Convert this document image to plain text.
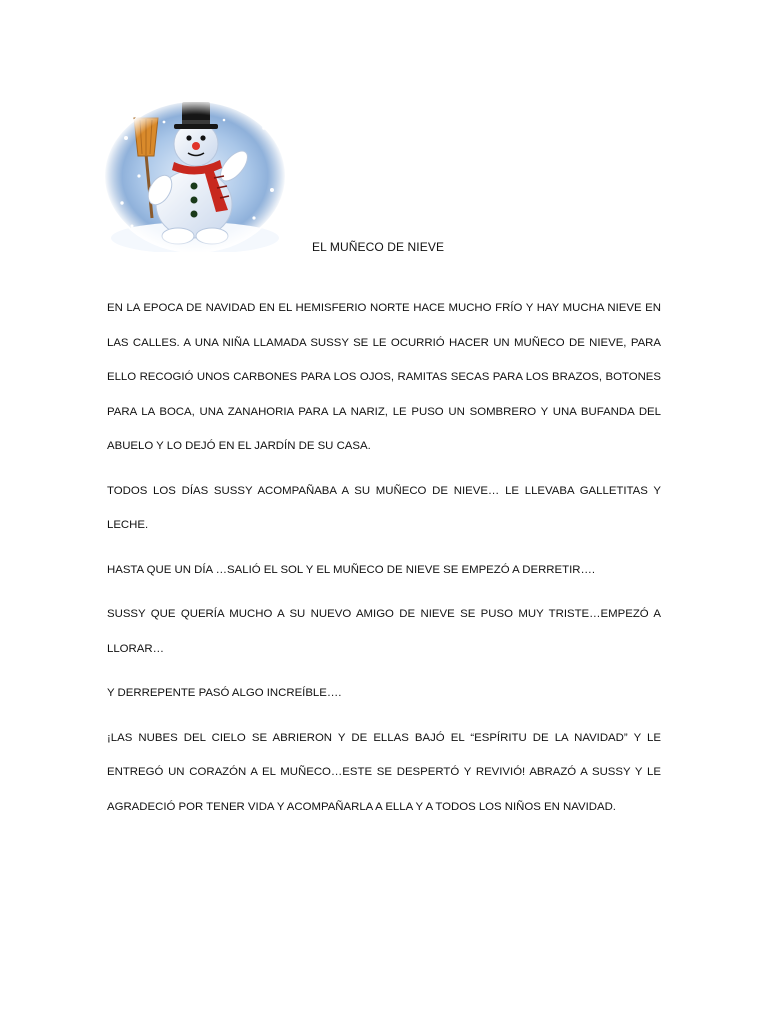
EL MUÑECO DE NIEVE

EN LA EPOCA DE NAVIDAD EN EL HEMISFERIO NORTE HACE MUCHO FRÍO Y HAY MUCHA NIEVE EN LAS CALLES. A UNA NIÑA LLAMADA SUSSY SE LE OCURRIÓ HACER UN MUÑECO DE NIEVE, PARA ELLO RECOGIÓ UNOS CARBONES PARA LOS OJOS, RAMITAS SECAS PARA LOS BRAZOS, BOTONES PARA LA BOCA, UNA ZANAHORIA PARA LA NARIZ, LE PUSO UN SOMBRERO Y UNA BUFANDA DEL ABUELO Y LO DEJÓ EN EL JARDÍN DE SU CASA.

TODOS LOS DÍAS SUSSY ACOMPAÑABA A SU MUÑECO DE NIEVE… LE LLEVABA GALLETITAS Y LECHE.

HASTA QUE UN DÍA …SALIÓ EL SOL Y EL MUÑECO DE NIEVE SE EMPEZÓ A DERRETIR….

SUSSY QUE QUERÍA MUCHO A SU NUEVO AMIGO DE NIEVE SE PUSO MUY TRISTE…EMPEZÓ A LLORAR…

Y DERREPENTE PASÓ ALGO INCREÍBLE….

¡LAS NUBES DEL CIELO SE ABRIERON Y DE ELLAS BAJÓ EL “ESPÍRITU DE LA NAVIDAD” Y LE ENTREGÓ UN CORAZÓN A EL MUÑECO…ESTE SE DESPERTÓ Y REVIVIÓ! ABRAZÓ A SUSSY Y LE AGRADECIÓ POR TENER VIDA Y ACOMPAÑARLA A ELLA Y A TODOS LOS NIÑOS EN NAVIDAD.
